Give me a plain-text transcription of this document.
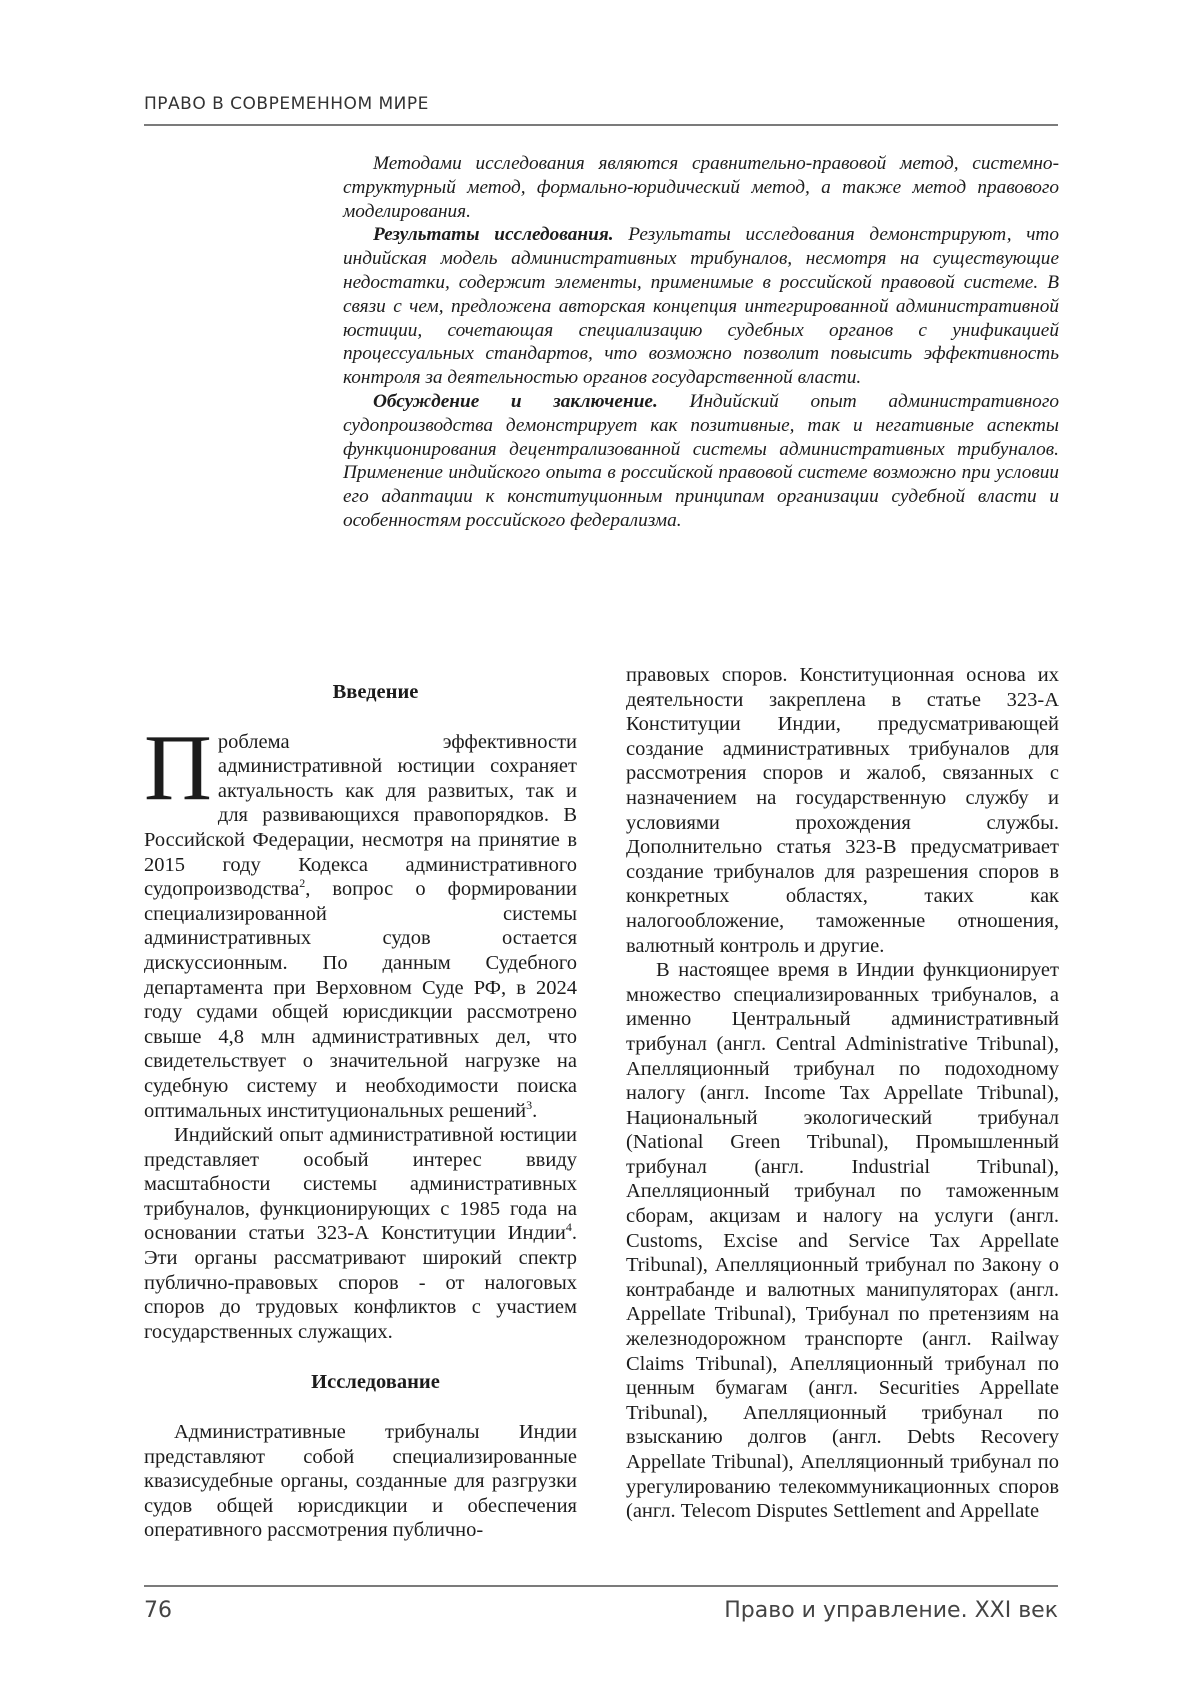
ПРАВО В СОВРЕМЕННОМ МИРЕ

Методами исследования являются сравнительно-правовой метод, системно-структурный метод, формально-юридический метод, а также метод правового моделирования.

Результаты исследования. Результаты исследования демонстрируют, что индийская модель административных трибуналов, несмотря на существующие недостатки, содержит элементы, применимые в российской правовой системе. В связи с чем, предложена авторская концепция интегрированной административной юстиции, сочетающая специализацию судебных органов с унификацией процессуальных стандартов, что возможно позволит повысить эффективность контроля за деятельностью органов государственной власти.

Обсуждение и заключение. Индийский опыт административного судопроизводства демонстрирует как позитивные, так и негативные аспекты функционирования децентрализованной системы административных трибуналов. Применение индийского опыта в российской правовой системе возможно при условии его адаптации к конституционным принципам организации судебной власти и особенностям российского федерализма.

Введение

Проблема эффективности административной юстиции сохраняет актуальность как для развитых, так и для развивающихся правопорядков. В Российской Федерации, несмотря на принятие в 2015 году Кодекса административного судопроизводства$^2$, вопрос о формировании специализированной системы административных судов остается дискуссионным. По данным Судебного департамента при Верховном Суде РФ, в 2024 году судами общей юрисдикции рассмотрено свыше 4,8 млн административных дел, что свидетельствует о значительной нагрузке на судебную систему и необходимости поиска оптимальных институциональных решений$^3$.

Индийский опыт административной юстиции представляет особый интерес ввиду масштабности системы административных трибуналов, функционирующих с 1985 года на основании статьи 323-А Конституции Индии$^4$. Эти органы рассматривают широкий спектр публично-правовых споров - от налоговых споров до трудовых конфликтов с участием государственных служащих.

Исследование

Административные трибуналы Индии представляют собой специализированные квазисудебные органы, созданные для разгрузки судов общей юрисдикции и обеспечения оперативного рассмотрения публично-

правовых споров. Конституционная основа их деятельности закреплена в статье 323-А Конституции Индии, предусматривающей создание административных трибуналов для рассмотрения споров и жалоб, связанных с назначением на государственную службу и условиями прохождения службы. Дополнительно статья 323-В предусматривает создание трибуналов для разрешения споров в конкретных областях, таких как налогообложение, таможенные отношения, валютный контроль и другие.

В настоящее время в Индии функционирует множество специализированных трибуналов, а именно Центральный административный трибунал (англ. Central Administrative Tribunal), Апелляционный трибунал по подоходному налогу (англ. Income Tax Appellate Tribunal), Национальный экологический трибунал (National Green Tribunal), Промышленный трибунал (англ. Industrial Tribunal), Апелляционный трибунал по таможенным сборам, акцизам и налогу на услуги (англ. Customs, Excise and Service Tax Appellate Tribunal), Апелляционный трибунал по Закону о контрабанде и валютных манипуляторах (англ. Appellate Tribunal), Трибунал по претензиям на железнодорожном транспорте (англ. Railway Claims Tribunal), Апелляционный трибунал по ценным бумагам (англ. Securities Appellate Tribunal), Апелляционный трибунал по взысканию долгов (англ. Debts Recovery Appellate Tribunal), Апелляционный трибунал по урегулированию телекоммуникационных споров (англ. Telecom Disputes Settlement and Appellate

76	Право и управление. XXI век
